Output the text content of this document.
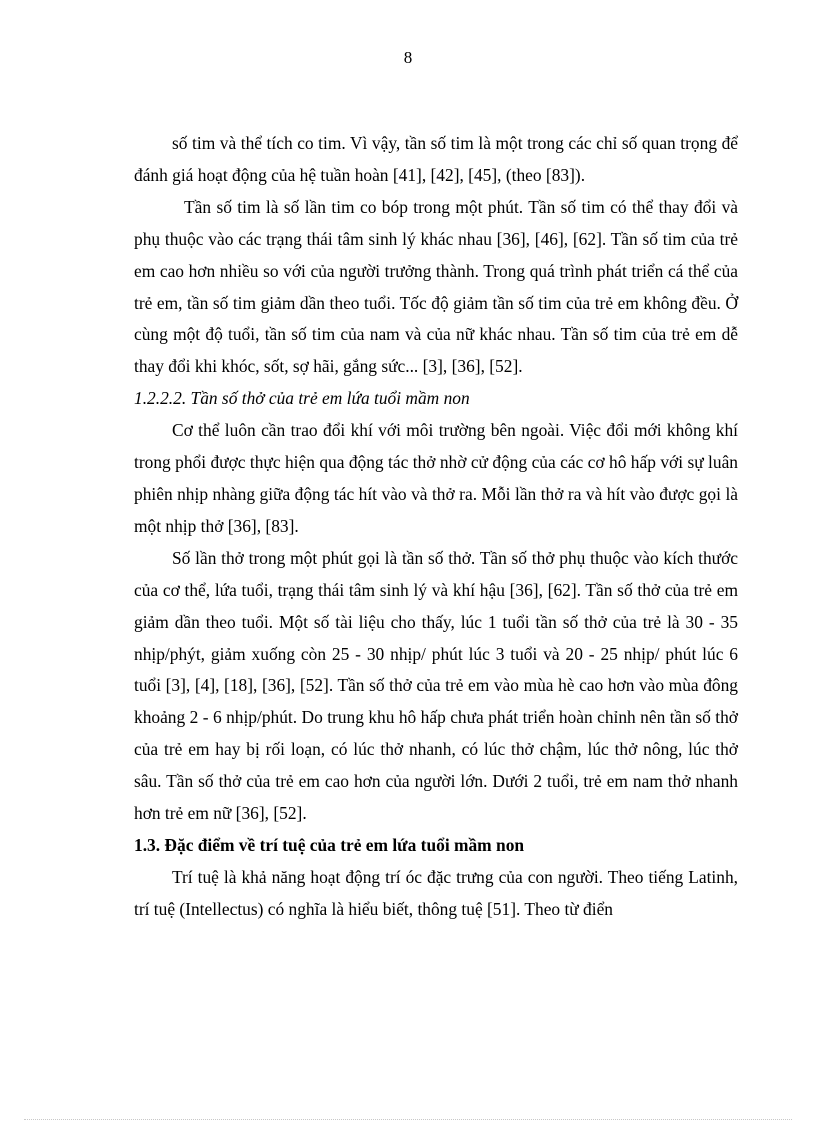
8

số tim và thể tích co tim. Vì vậy, tần số tim là một trong các chỉ số quan trọng để đánh giá hoạt động của hệ tuần hoàn [41], [42], [45], (theo [83]).

Tần số tim là số lần tim co bóp trong một phút. Tần số tim có thể thay đổi và phụ thuộc vào các trạng thái tâm sinh lý khác nhau [36], [46], [62]. Tần số tim của trẻ em cao hơn nhiều so với của người trưởng thành. Trong quá trình phát triển cá thể của trẻ em, tần số tim giảm dần theo tuổi. Tốc độ giảm tần số tim của trẻ em không đều. Ở cùng một độ tuổi, tần số tim của nam và của nữ khác nhau. Tần số tim của trẻ em dễ thay đổi khi khóc, sốt, sợ hãi, gắng sức... [3], [36], [52].

1.2.2.2. Tần số thở của trẻ em lứa tuổi mầm non

Cơ thể luôn cần trao đổi khí với môi trường bên ngoài. Việc đổi mới không khí trong phổi được thực hiện qua động tác thở nhờ cử động của các cơ hô hấp với sự luân phiên nhịp nhàng giữa động tác hít vào và thở ra. Mỗi lần thở ra và hít vào được gọi là một nhịp thở [36], [83].

Số lần thở trong một phút gọi là tần số thở. Tần số thở phụ thuộc vào kích thước của cơ thể, lứa tuổi, trạng thái tâm sinh lý và khí hậu [36], [62]. Tần số thở của trẻ em giảm dần theo tuổi. Một số tài liệu cho thấy, lúc 1 tuổi tần số thở của trẻ là 30 - 35 nhịp/phýt, giảm xuống còn 25 - 30 nhịp/ phút lúc 3 tuổi và 20 - 25 nhịp/ phút lúc 6 tuổi [3], [4], [18], [36], [52]. Tần số thở của trẻ em vào mùa hè cao hơn vào mùa đông khoảng 2 - 6 nhịp/phút. Do trung khu hô hấp chưa phát triển hoàn chỉnh nên tần số thở của trẻ em hay bị rối loạn, có lúc thở nhanh, có lúc thở chậm, lúc thở nông, lúc thở sâu. Tần số thở của trẻ em cao hơn của người lớn. Dưới 2 tuổi, trẻ em nam thở nhanh hơn trẻ em nữ [36], [52].

1.3. Đặc điểm về trí tuệ của trẻ em lứa tuổi mầm non

Trí tuệ là khả năng hoạt động trí óc đặc trưng của con người. Theo tiếng Latinh, trí tuệ (Intellectus) có nghĩa là hiểu biết, thông tuệ [51]. Theo từ điển
